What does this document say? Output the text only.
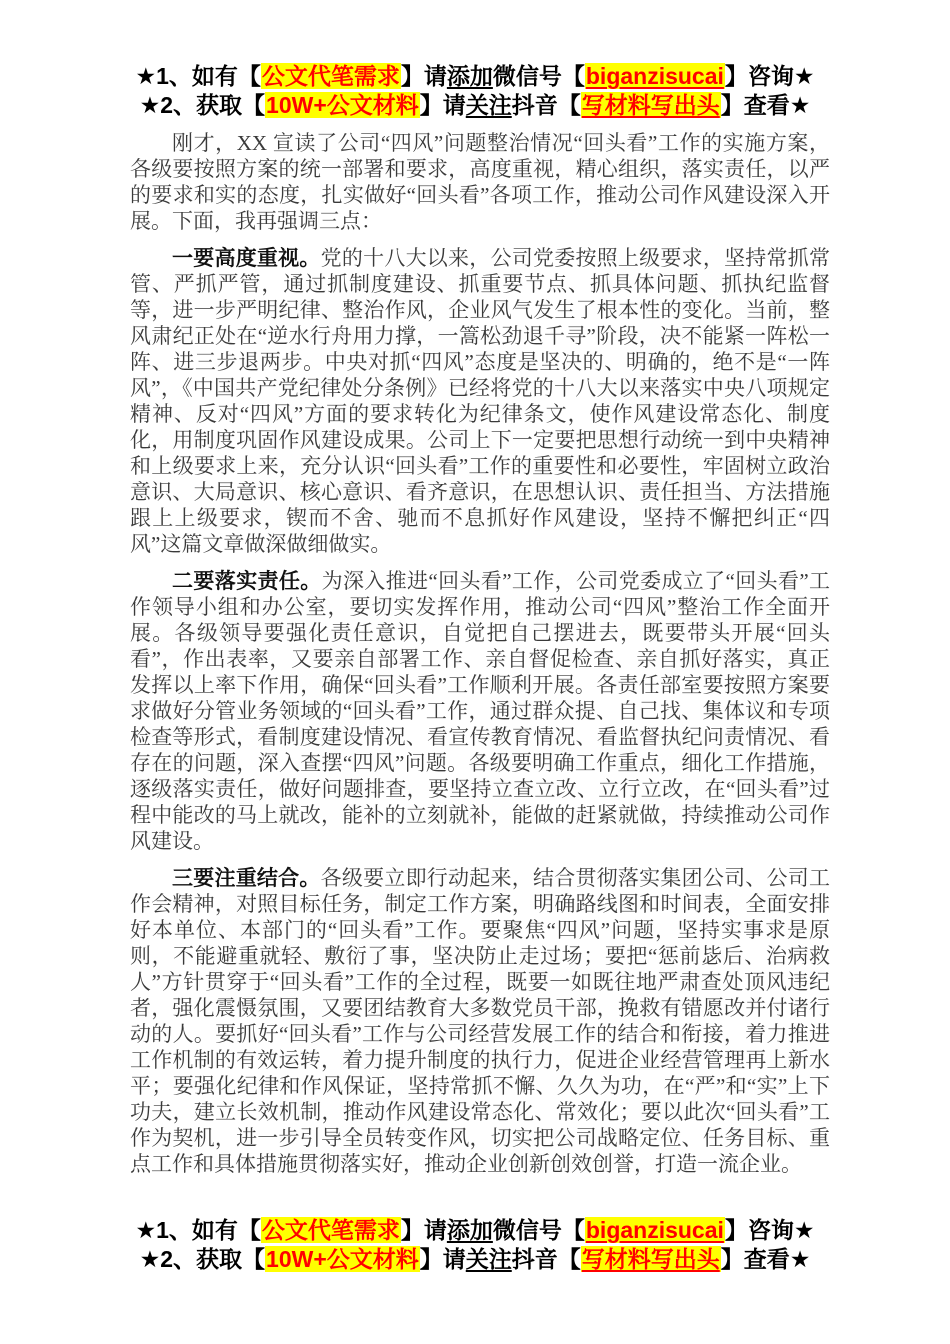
★1、如有【公文代笔需求】请添加微信号【biganzisucai】咨询★
★2、获取【10W+公文材料】请关注抖音【写材料写出头】查看★

刚才，XX 宣读了公司“四风”问题整治情况“回头看”工作的实施方案，各级要按照方案的统一部署和要求，高度重视，精心组织，落实责任，以严的要求和实的态度，扎实做好“回头看”各项工作，推动公司作风建设深入开展。下面，我再强调三点：

一要高度重视。党的十八大以来，公司党委按照上级要求，坚持常抓常管、严抓严管，通过抓制度建设、抓重要节点、抓具体问题、抓执纪监督等，进一步严明纪律、整治作风，企业风气发生了根本性的变化。当前，整风肃纪正处在“逆水行舟用力撑，一篙松劲退千寻”阶段，决不能紧一阵松一阵、进三步退两步。中央对抓“四风”态度是坚决的、明确的，绝不是“一阵风”，《中国共产党纪律处分条例》已经将党的十八大以来落实中央八项规定精神、反对“四风”方面的要求转化为纪律条文，使作风建设常态化、制度化，用制度巩固作风建设成果。公司上下一定要把思想行动统一到中央精神和上级要求上来，充分认识“回头看”工作的重要性和必要性，牢固树立政治意识、大局意识、核心意识、看齐意识，在思想认识、责任担当、方法措施跟上上级要求，锲而不舍、驰而不息抓好作风建设，坚持不懈把纠正“四风”这篇文章做深做细做实。

二要落实责任。为深入推进“回头看”工作，公司党委成立了“回头看”工作领导小组和办公室，要切实发挥作用，推动公司“四风”整治工作全面开展。各级领导要强化责任意识，自觉把自己摆进去，既要带头开展“回头看”，作出表率，又要亲自部署工作、亲自督促检查、亲自抓好落实，真正发挥以上率下作用，确保“回头看”工作顺利开展。各责任部室要按照方案要求做好分管业务领域的“回头看”工作，通过群众提、自己找、集体议和专项检查等形式，看制度建设情况、看宣传教育情况、看监督执纪问责情况、看存在的问题，深入查摆“四风”问题。各级要明确工作重点，细化工作措施，逐级落实责任，做好问题排查，要坚持立查立改、立行立改，在“回头看”过程中能改的马上就改，能补的立刻就补，能做的赶紧就做，持续推动公司作风建设。

三要注重结合。各级要立即行动起来，结合贯彻落实集团公司、公司工作会精神，对照目标任务，制定工作方案，明确路线图和时间表，全面安排好本单位、本部门的“回头看”工作。要聚焦“四风”问题，坚持实事求是原则，不能避重就轻、敷衍了事，坚决防止走过场；要把“惩前毖后、治病救人”方针贯穿于“回头看”工作的全过程，既要一如既往地严肃查处顶风违纪者，强化震慑氛围，又要团结教育大多数党员干部，挽救有错愿改并付诸行动的人。要抓好“回头看”工作与公司经营发展工作的结合和衔接，着力推进工作机制的有效运转，着力提升制度的执行力，促进企业经营管理再上新水平；要强化纪律和作风保证，坚持常抓不懈、久久为功，在“严”和“实”上下功夫，建立长效机制，推动作风建设常态化、常效化；要以此次“回头看”工作为契机，进一步引导全员转变作风，切实把公司战略定位、任务目标、重点工作和具体措施贯彻落实好，推动企业创新创效创誉，打造一流企业。

★1、如有【公文代笔需求】请添加微信号【biganzisucai】咨询★
★2、获取【10W+公文材料】请关注抖音【写材料写出头】查看★
